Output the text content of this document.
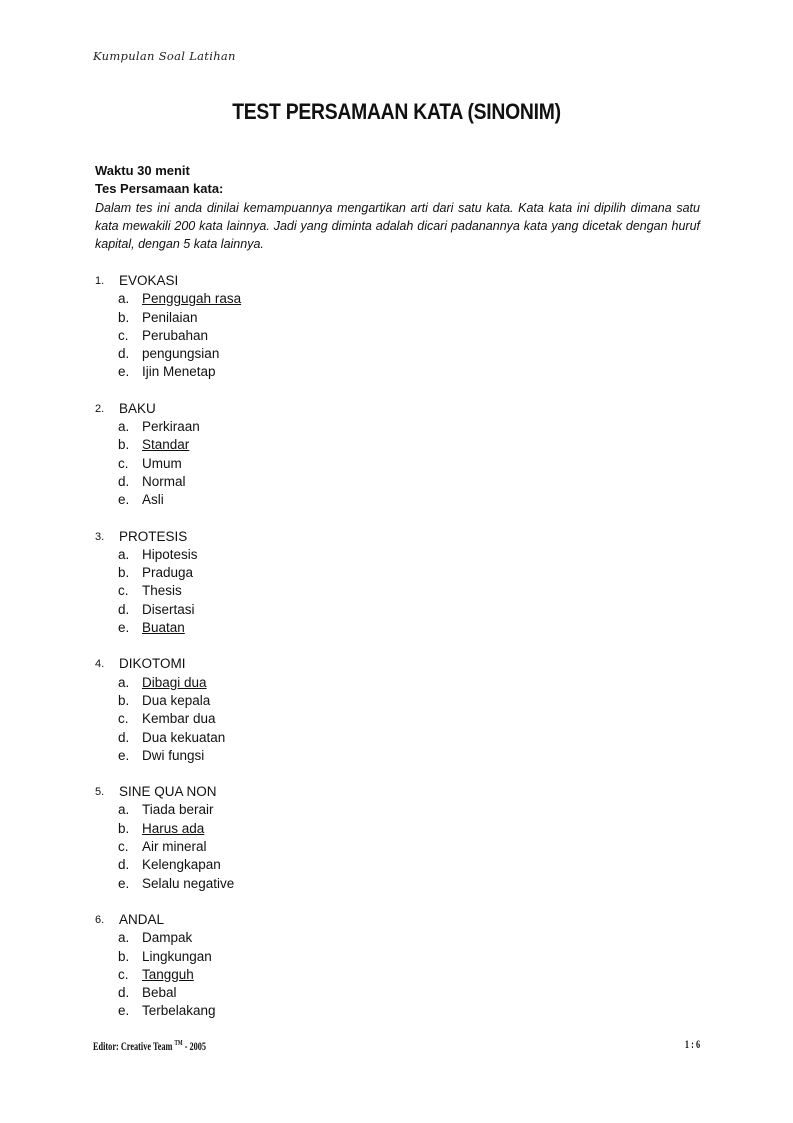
Kumpulan Soal Latihan
TEST PERSAMAAN KATA (SINONIM)
Waktu 30 menit
Tes Persamaan kata:
Dalam tes ini anda dinilai kemampuannya mengartikan arti dari satu kata. Kata kata ini dipilih dimana satu kata mewakili 200 kata lainnya. Jadi yang diminta adalah dicari padanannya kata yang dicetak dengan huruf kapital, dengan 5 kata lainnya.
1.	EVOKASI
a. Penggugah rasa
b. Penilaian
c. Perubahan
d. pengungsian
e. Ijin Menetap
2.	BAKU
a. Perkiraan
b. Standar
c. Umum
d. Normal
e. Asli
3.	PROTESIS
a. Hipotesis
b. Praduga
c. Thesis
d. Disertasi
e. Buatan
4.	DIKOTOMI
a. Dibagi dua
b. Dua kepala
c. Kembar dua
d. Dua kekuatan
e. Dwi fungsi
5.	SINE QUA NON
a. Tiada berair
b. Harus ada
c. Air mineral
d. Kelengkapan
e. Selalu negative
6.	ANDAL
a. Dampak
b. Lingkungan
c. Tangguh
d. Bebal
e. Terbelakang
Editor: Creative Team ™ - 2005	1 : 6
